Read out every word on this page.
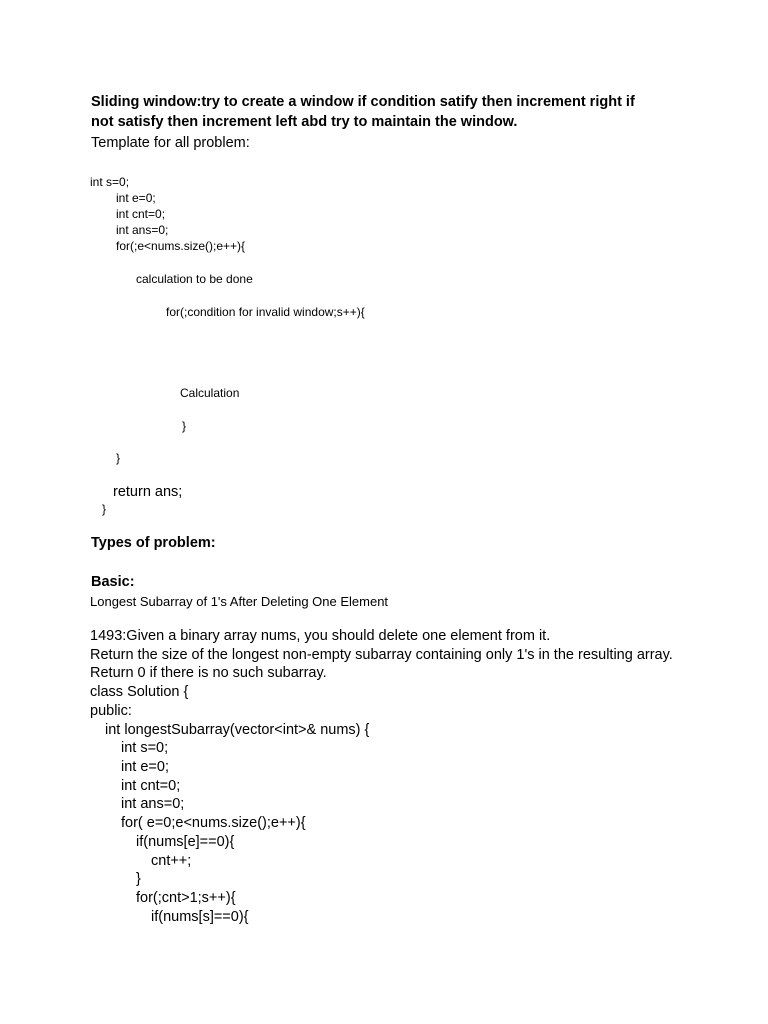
Sliding window:try to create a window if condition satify then increment right if
not satisfy then increment left abd try to maintain the window.
Template for all problem:
int s=0;
int e=0;
int cnt=0;
int ans=0;
for(;e<nums.size();e++){
calculation to be done
for(;condition for invalid window;s++){
Calculation
}
}
return ans;
}
Types of problem:
Basic:
Longest Subarray of 1's After Deleting One Element
1493:Given a binary array nums, you should delete one element from it.
Return the size of the longest non-empty subarray containing only 1's in the resulting array.
Return 0 if there is no such subarray.
class Solution {
public:
int longestSubarray(vector<int>& nums) {
int s=0;
int e=0;
int cnt=0;
int ans=0;
for( e=0;e<nums.size();e++){
if(nums[e]==0){
cnt++;
}
for(;cnt>1;s++){
if(nums[s]==0){
